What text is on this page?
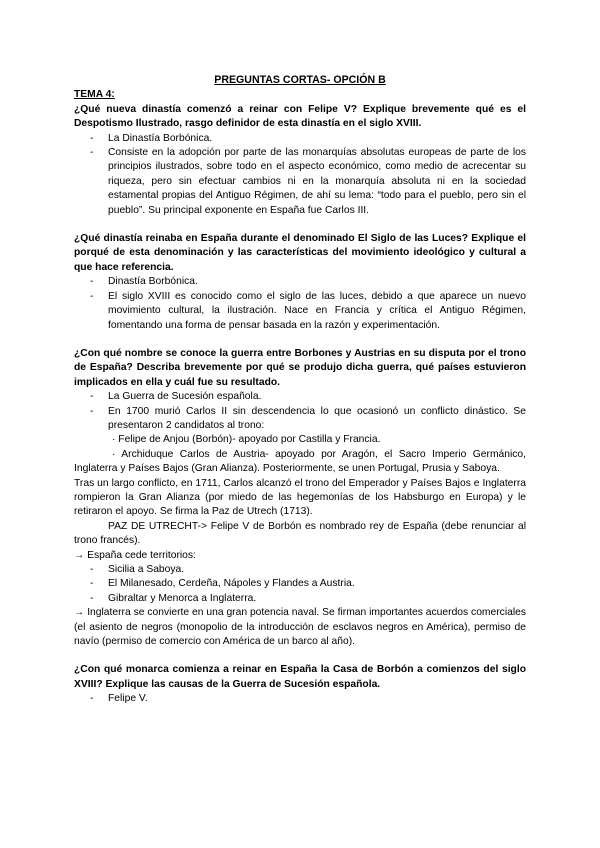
PREGUNTAS CORTAS- OPCIÓN B
TEMA 4:
¿Qué nueva dinastía comenzó a reinar con Felipe V? Explique brevemente qué es el Despotismo Ilustrado, rasgo definidor de esta dinastía en el siglo XVIII.
- La Dinastía Borbónica.
- Consiste en la adopción por parte de las monarquías absolutas europeas de parte de los principios ilustrados, sobre todo en el aspecto económico, como medio de acrecentar su riqueza, pero sin efectuar cambios ni en la monarquía absoluta ni en la sociedad estamental propias del Antiguo Régimen, de ahí su lema: “todo para el pueblo, pero sin el pueblo”. Su principal exponente en España fue Carlos III.
¿Qué dinastía reinaba en España durante el denominado El Siglo de las Luces? Explique el porqué de esta denominación y las características del movimiento ideológico y cultural a que hace referencia.
- Dinastía Borbónica.
- El siglo XVIII es conocido como el siglo de las luces, debido a que aparece un nuevo movimiento cultural, la ilustración. Nace en Francia y crítica el Antiguo Régimen, fomentando una forma de pensar basada en la razón y experimentación.
¿Con qué nombre se conoce la guerra entre Borbones y Austrias en su disputa por el trono de España? Describa brevemente por qué se produjo dicha guerra, qué países estuvieron implicados en ella y cuál fue su resultado.
- La Guerra de Sucesión española.
- En 1700 murió Carlos II sin descendencia lo que ocasionó un conflicto dinástico. Se presentaron 2 candidatos al trono:
· Felipe de Anjou (Borbón)- apoyado por Castilla y Francia.
· Archiduque Carlos de Austria- apoyado por Aragón, el Sacro Imperio Germánico, Inglaterra y Países Bajos (Gran Alianza). Posteriormente, se unen Portugal, Prusia y Saboya.

Tras un largo conflicto, en 1711, Carlos alcanzó el trono del Emperador y Países Bajos e Inglaterra rompieron la Gran Alianza (por miedo de las hegemonías de los Habsburgo en Europa) y le retiraron el apoyo. Se firma la Paz de Utrech (1713).

PAZ DE UTRECHT-> Felipe V de Borbón es nombrado rey de España (debe renunciar al trono francés).

→ España cede territorios:

- Sicilia a Saboya.
- El Milanesado, Cerdeña, Nápoles y Flandes a Austria.
- Gibraltar y Menorca a Inglaterra.

→ Inglaterra se convierte en una gran potencia naval. Se firman importantes acuerdos comerciales (el asiento de negros (monopolio de la introducción de esclavos negros en América), permiso de navío (permiso de comercio con América de un barco al año).

¿Con qué monarca comienza a reinar en España la Casa de Borbón a comienzos del siglo XVIII? Explique las causas de la Guerra de Sucesión española.
- Felipe V.
